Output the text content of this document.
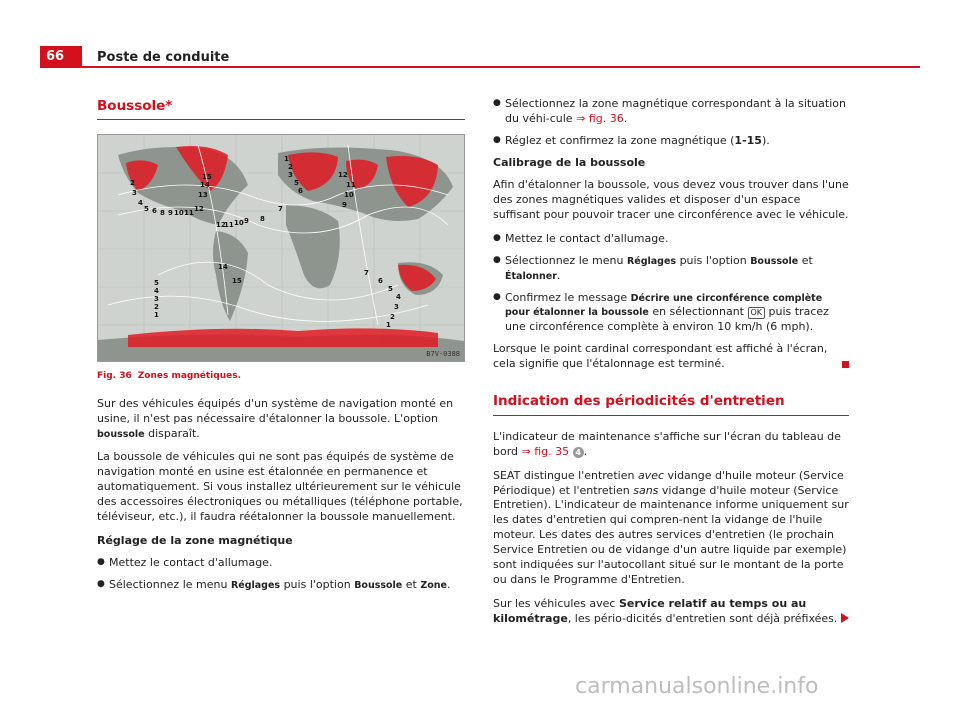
66	Poste de conduite
Boussole*
2
3
4
5 6 8 9 10 11 12
13
14
15
12
11 10 9 8
7
6
5
3
2
1
12
11
10
9
5
4
3
2
1
14
15
7
6
5
4
3
2
1
B7V-0388
Fig. 36 Zones magnétiques.

Sur des véhicules équipés d'un système de navigation monté en usine, il n'est pas nécessaire d'étalonner la boussole. L'option boussole disparaît.

La boussole de véhicules qui ne sont pas équipés de système de navigation monté en usine est étalonnée en permanence et automatiquement. Si vous installez ultérieurement sur le véhicule des accessoires électroniques ou métalliques (téléphone portable, téléviseur, etc.), il faudra réétalonner la boussole manuellement.

Réglage de la zone magnétique
● Mettez le contact d'allumage.
● Sélectionnez le menu Réglages puis l'option Boussole et Zone.
● Sélectionnez la zone magnétique correspondant à la situation du véhi-cule ⇒ fig. 36.
● Réglez et confirmez la zone magnétique (1-15).
Calibrage de la boussole

Afin d'étalonner la boussole, vous devez vous trouver dans l'une des zones magnétiques valides et disposer d'un espace suffisant pour pouvoir tracer une circonférence avec le véhicule.

● Mettez le contact d'allumage.
● Sélectionnez le menu Réglages puis l'option Boussole et Étalonner.
● Confirmez le message Décrire une circonférence complète pour étalonner la boussole en sélectionnant OK puis tracez une circonférence complète à environ 10 km/h (6 mph).

Lorsque le point cardinal correspondant est affiché à l'écran, cela signifie que l'étalonnage est terminé.

Indication des périodicités d'entretien

L'indicateur de maintenance s'affiche sur l'écran du tableau de bord ⇒ fig. 35 4 .

SEAT distingue l'entretien avec vidange d'huile moteur (Service Périodique) et l'entretien sans vidange d'huile moteur (Service Entretien). L'indicateur de maintenance informe uniquement sur les dates d'entretien qui compren-nent la vidange de l'huile moteur. Les dates des autres services d'entretien (le prochain Service Entretien ou de vidange d'un autre liquide par exemple) sont indiquées sur l'autocollant situé sur le montant de la porte ou dans le Programme d'Entretien.

Sur les véhicules avec Service relatif au temps ou au kilométrage, les pério-dicités d'entretien sont déjà préfixées.

carmanualsonline.info
